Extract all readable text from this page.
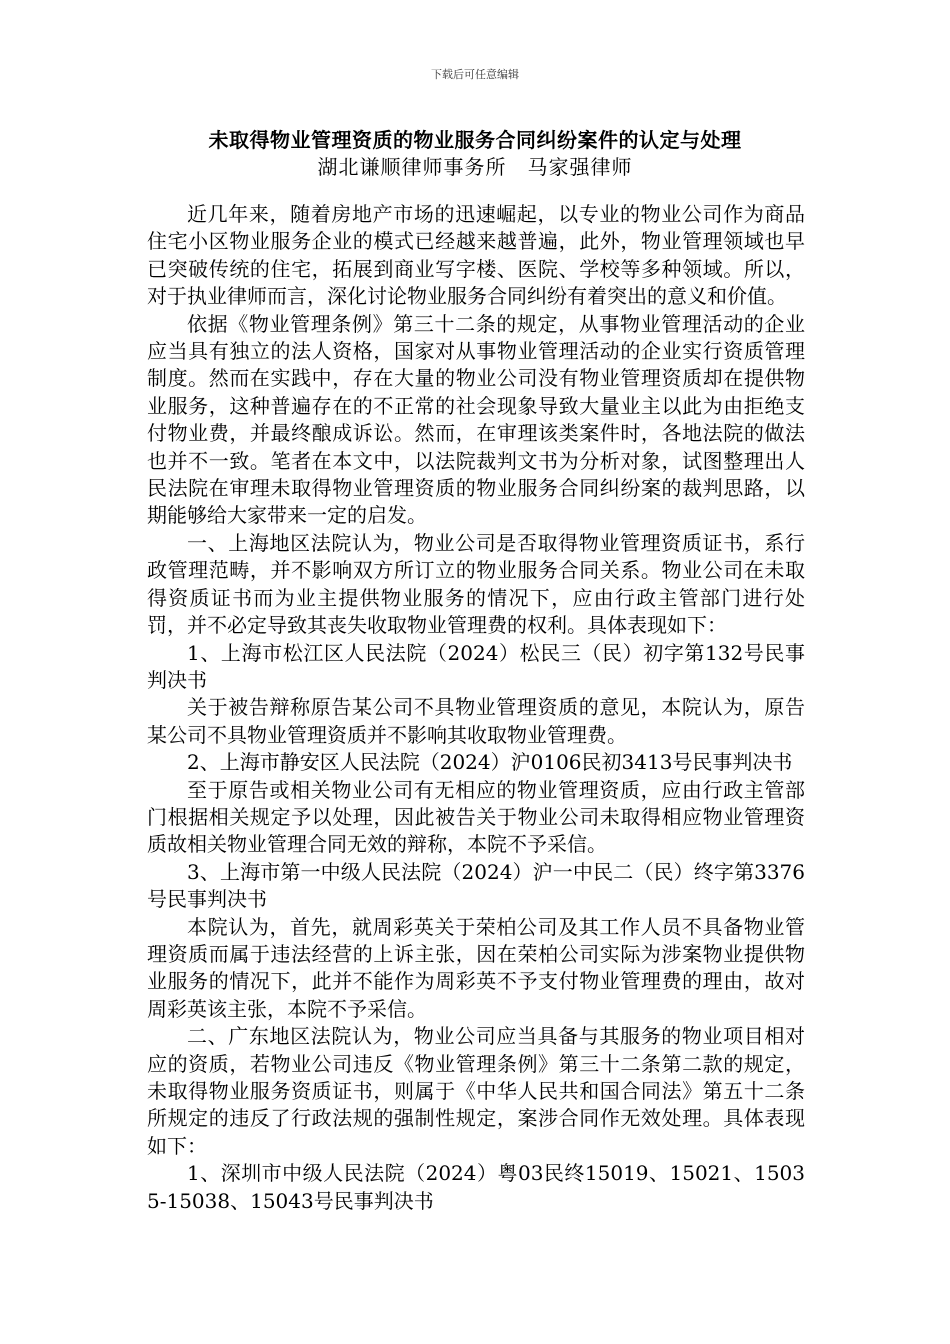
下载后可任意编辑
未取得物业管理资质的物业服务合同纠纷案件的认定与处理
湖北谦顺律师事务所　马家强律师

近几年来，随着房地产市场的迅速崛起，以专业的物业公司作为商品住宅小区物业服务企业的模式已经越来越普遍，此外，物业管理领域也早已突破传统的住宅，拓展到商业写字楼、医院、学校等多种领域。所以，对于执业律师而言，深化讨论物业服务合同纠纷有着突出的意义和价值。

依据《物业管理条例》第三十二条的规定，从事物业管理活动的企业应当具有独立的法人资格，国家对从事物业管理活动的企业实行资质管理制度。然而在实践中，存在大量的物业公司没有物业管理资质却在提供物业服务，这种普遍存在的不正常的社会现象导致大量业主以此为由拒绝支付物业费，并最终酿成诉讼。然而，在审理该类案件时，各地法院的做法也并不一致。笔者在本文中，以法院裁判文书为分析对象，试图整理出人民法院在审理未取得物业管理资质的物业服务合同纠纷案的裁判思路，以期能够给大家带来一定的启发。

一、上海地区法院认为，物业公司是否取得物业管理资质证书，系行政管理范畴，并不影响双方所订立的物业服务合同关系。物业公司在未取得资质证书而为业主提供物业服务的情况下，应由行政主管部门进行处罚，并不必定导致其丧失收取物业管理费的权利。具体表现如下：

1、上海市松江区人民法院（2024）松民三（民）初字第132号民事判决书

关于被告辩称原告某公司不具物业管理资质的意见，本院认为，原告某公司不具物业管理资质并不影响其收取物业管理费。

2、上海市静安区人民法院（2024）沪0106民初3413号民事判决书

至于原告或相关物业公司有无相应的物业管理资质，应由行政主管部门根据相关规定予以处理，因此被告关于物业公司未取得相应物业管理资质故相关物业管理合同无效的辩称，本院不予采信。

3、上海市第一中级人民法院（2024）沪一中民二（民）终字第3376号民事判决书

本院认为，首先，就周彩英关于荣柏公司及其工作人员不具备物业管理资质而属于违法经营的上诉主张，因在荣柏公司实际为涉案物业提供物业服务的情况下，此并不能作为周彩英不予支付物业管理费的理由，故对周彩英该主张，本院不予采信。

二、广东地区法院认为，物业公司应当具备与其服务的物业项目相对应的资质，若物业公司违反《物业管理条例》第三十二条第二款的规定，未取得物业服务资质证书，则属于《中华人民共和国合同法》第五十二条所规定的违反了行政法规的强制性规定，案涉合同作无效处理。具体表现如下：

1、深圳市中级人民法院（2024）粤03民终15019、15021、15035-15038、15043号民事判决书
